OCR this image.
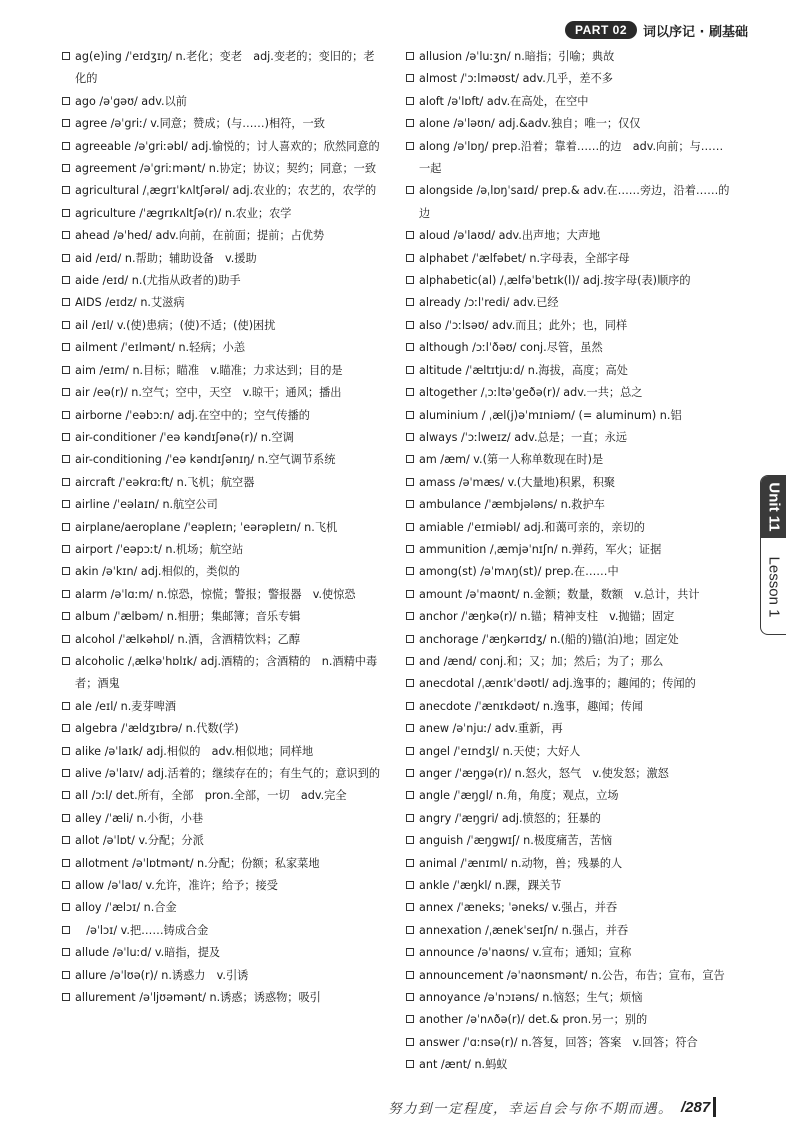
PART 02	词以序记 · 刷基础
ag(e)ing /ˈeɪdʒɪŋ/ n.老化；变老　adj.变老的；变旧的；老化的
ago /əˈgəʊ/ adv.以前
agree /əˈgriː/ v.同意；赞成；(与……)相符，一致
agreeable /əˈgriːəbl/ adj.愉悦的；讨人喜欢的；欣然同意的
agreement /əˈgriːmənt/ n.协定；协议；契约；同意；一致
agricultural /ˌægrɪˈkʌltʃərəl/ adj.农业的；农艺的，农学的
agriculture /ˈægrɪkʌltʃə(r)/ n.农业；农学
ahead /əˈhed/ adv.向前，在前面；提前；占优势
aid /eɪd/ n.帮助；辅助设备　v.援助
aide /eɪd/ n.(尤指从政者的)助手
AIDS /eɪdz/ n.艾滋病
ail /eɪl/ v.(使)患病；(使)不适；(使)困扰
ailment /ˈeɪlmənt/ n.轻病；小恙
aim /eɪm/ n.目标；瞄准　v.瞄准；力求达到；目的是
air /eə(r)/ n.空气；空中，天空　v.晾干；通风；播出
airborne /ˈeəbɔːn/ adj.在空中的；空气传播的
air-conditioner /ˈeə kəndɪʃənə(r)/ n.空调
air-conditioning /ˈeə kəndɪʃənɪŋ/ n.空气调节系统
aircraft /ˈeəkrɑːft/ n.飞机；航空器
airline /ˈeəlaɪn/ n.航空公司
airplane/aeroplane /ˈeəpleɪn; ˈeərəpleɪn/ n.飞机
airport /ˈeəpɔːt/ n.机场；航空站
akin /əˈkɪn/ adj.相似的，类似的
alarm /əˈlɑːm/ n.惊恐，惊慌；警报；警报器　v.使惊恐
album /ˈælbəm/ n.相册；集邮簿；音乐专辑
alcohol /ˈælkəhɒl/ n.酒，含酒精饮料；乙醇
alcoholic /ˌælkəˈhɒlɪk/ adj.酒精的；含酒精的　n.酒精中毒者；酒鬼
ale /eɪl/ n.麦芽啤酒
algebra /ˈældʒɪbrə/ n.代数(学)
alike /əˈlaɪk/ adj.相似的　adv.相似地；同样地
alive /əˈlaɪv/ adj.活着的；继续存在的；有生气的；意识到的
all /ɔːl/ det.所有，全部　pron.全部，一切　adv.完全
alley /ˈæli/ n.小街，小巷
allot /əˈlɒt/ v.分配；分派
allotment /əˈlɒtmənt/ n.分配；份额；私家菜地
allow /əˈlaʊ/ v.允许，准许；给予；接受
alloy /ˈælɔɪ/ n.合金
　/əˈlɔɪ/ v.把……铸成合金
allude /əˈluːd/ v.暗指，提及
allure /əˈlʊə(r)/ n.诱惑力　v.引诱
allurement /əˈljʊəmənt/ n.诱惑；诱惑物；吸引
allusion /əˈluːʒn/ n.暗指；引喻；典故
almost /ˈɔːlməʊst/ adv.几乎，差不多
aloft /əˈlɒft/ adv.在高处，在空中
alone /əˈləʊn/ adj.&adv.独自；唯一；仅仅
along /əˈlɒŋ/ prep.沿着；靠着……的边　adv.向前；与……一起
alongside /əˌlɒŋˈsaɪd/ prep.& adv.在……旁边，沿着……的边
aloud /əˈlaʊd/ adv.出声地；大声地
alphabet /ˈælfəbet/ n.字母表，全部字母
alphabetic(al) /ˌælfəˈbetɪk(l)/ adj.按字母(表)顺序的
already /ɔːlˈredi/ adv.已经
also /ˈɔːlsəʊ/ adv.而且；此外；也，同样
although /ɔːlˈðəʊ/ conj.尽管，虽然
altitude /ˈæltɪtjuːd/ n.海拔，高度；高处
altogether /ˌɔːltəˈgeðə(r)/ adv.一共；总之
aluminium / ˌæl(j)əˈmɪniəm/ (= aluminum) n.铝
always /ˈɔːlweɪz/ adv.总是；一直；永远
am /æm/ v.(第一人称单数现在时)是
amass /əˈmæs/ v.(大量地)积累，积聚
ambulance /ˈæmbjələns/ n.救护车
amiable /ˈeɪmiəbl/ adj.和蔼可亲的，亲切的
ammunition /ˌæmjəˈnɪʃn/ n.弹药，军火；证据
among(st) /əˈmʌŋ(st)/ prep.在……中
amount /əˈmaʊnt/ n.金额；数量，数额　v.总计，共计
anchor /ˈæŋkə(r)/ n.锚；精神支柱　v.抛锚；固定
anchorage /ˈæŋkərɪdʒ/ n.(船的)锚(泊)地；固定处
and /ænd/ conj.和；又；加；然后；为了；那么
anecdotal /ˌænɪkˈdəʊtl/ adj.逸事的；趣闻的；传闻的
anecdote /ˈænɪkdəʊt/ n.逸事，趣闻；传闻
anew /əˈnjuː/ adv.重新，再
angel /ˈeɪndʒl/ n.天使；大好人
anger /ˈæŋgə(r)/ n.怒火，怒气　v.使发怒；激怒
angle /ˈæŋgl/ n.角，角度；观点，立场
angry /ˈæŋgri/ adj.愤怒的；狂暴的
anguish /ˈæŋgwɪʃ/ n.极度痛苦，苦恼
animal /ˈænɪml/ n.动物，兽；残暴的人
ankle /ˈæŋkl/ n.踝，踝关节
annex /ˈæneks; ˈəneks/ v.强占，并吞
annexation /ˌænekˈseɪʃn/ n.强占，并吞
announce /əˈnaʊns/ v.宣布；通知；宣称
announcement /əˈnaʊnsmənt/ n.公告，布告；宣布，宣告
annoyance /əˈnɔɪəns/ n.恼怒；生气；烦恼
another /əˈnʌðə(r)/ det.& pron.另一；别的
answer /ˈɑːnsə(r)/ n.答复，回答；答案　v.回答；符合
ant /ænt/ n.蚂蚁
Unit 11
Lesson 1
努力到一定程度，幸运自会与你不期而遇。 /287
